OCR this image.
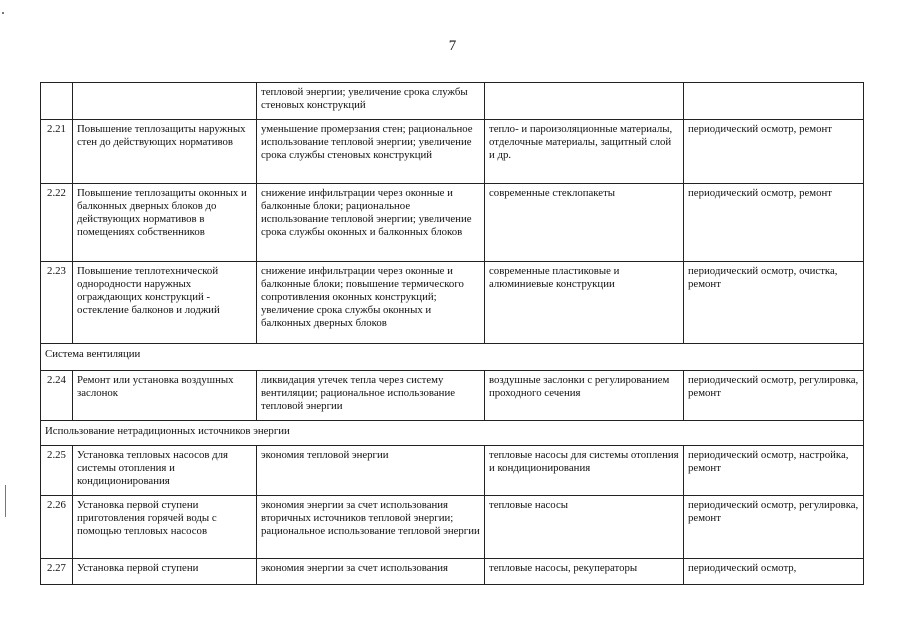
7
		тепловой энергии; увеличение срока службы стеновых конструкций		
2.21	Повышение теплозащиты наружных стен до действующих нормативов	уменьшение промерзания стен; рациональное использование тепловой энергии; увеличение срока службы стеновых конструкций	тепло- и пароизоляционные материалы, отделочные материалы, защитный слой и др.	периодический осмотр, ремонт
2.22	Повышение теплозащиты оконных и балконных дверных блоков до действующих нормативов в помещениях собственников	снижение инфильтрации через оконные и балконные блоки; рациональное использование тепловой энергии; увеличение срока службы оконных и балконных блоков	современные стеклопакеты	периодический осмотр, ремонт
2.23	Повышение теплотехнической однородности наружных ограждающих конструкций - остекление балконов и лоджий	снижение инфильтрации через оконные и балконные блоки; повышение термического сопротивления оконных конструкций; увеличение срока службы оконных и балконных дверных блоков	современные пластиковые и алюминиевые конструкции	периодический осмотр, очистка, ремонт
Система вентиляции				
2.24	Ремонт или установка воздушных заслонок	ликвидация утечек тепла через систему вентиляции; рациональное использование тепловой энергии	воздушные заслонки с регулированием проходного сечения	периодический осмотр, регулировка, ремонт
Использование нетрадиционных источников энергии				
2.25	Установка тепловых насосов для системы отопления и кондиционирования	экономия тепловой энергии	тепловые насосы для системы отопления и кондиционирования	периодический осмотр, настройка, ремонт
2.26	Установка первой ступени приготовления горячей воды с помощью тепловых насосов	экономия энергии за счет использования вторичных источников тепловой энергии; рациональное использование тепловой энергии	тепловые насосы	периодический осмотр, регулировка, ремонт
2.27	Установка первой ступени	экономия энергии за счет использования	тепловые насосы, рекуператоры	периодический осмотр,
